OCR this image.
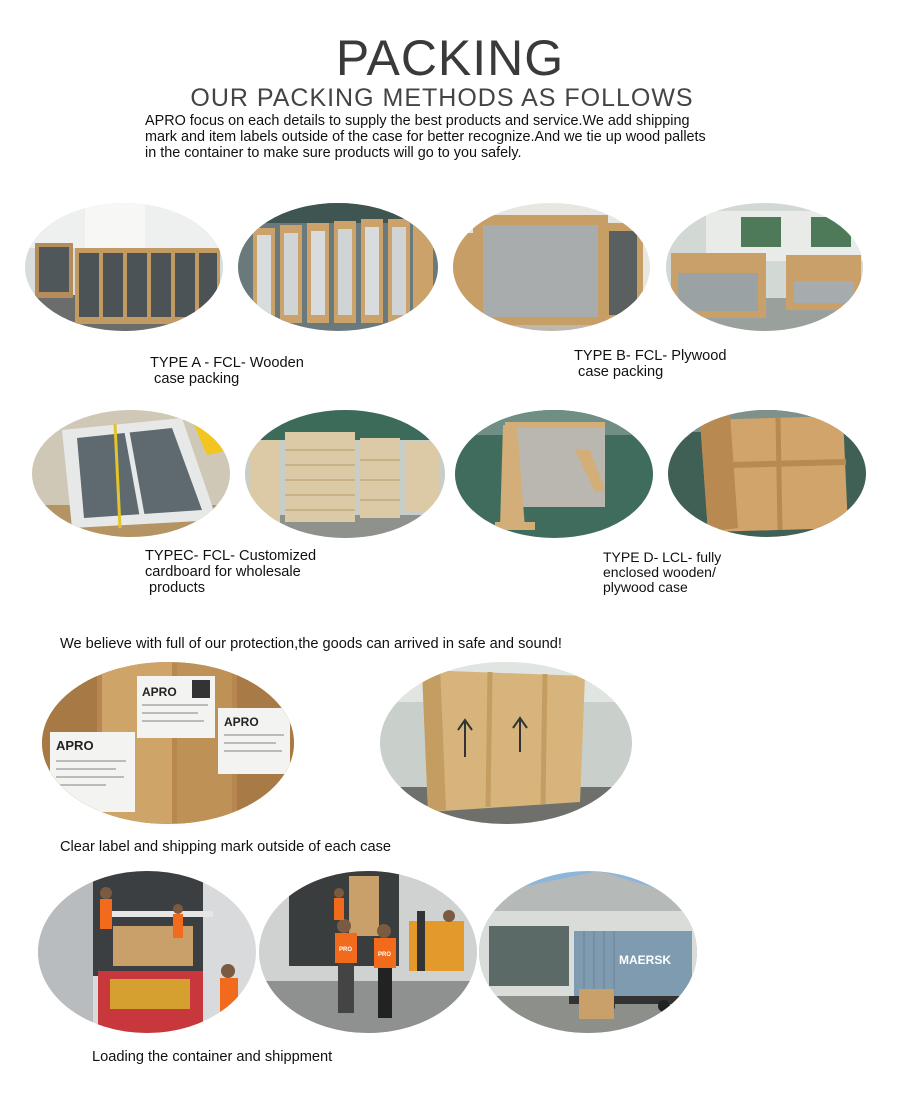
PACKING
OUR PACKING METHODS AS FOLLOWS
APRO focus on each details to supply the best products and service.We add shipping
mark and item labels outside of the case for better recognize.And we tie up wood pallets
in the container to make sure products will go to you safely.
TYPE A - FCL- Wooden
case packing
TYPE B- FCL- Plywood
case packing
TYPEC- FCL- Customized
cardboard for wholesale
products
TYPE D- LCL- fully
enclosed wooden/
plywood case
We believe with full of our protection,the goods can arrived in safe and sound!
APRO
APRO
APRO
Clear label and shipping mark outside of each case
PRO
PRO	MAERSK
Loading the container and shippment
